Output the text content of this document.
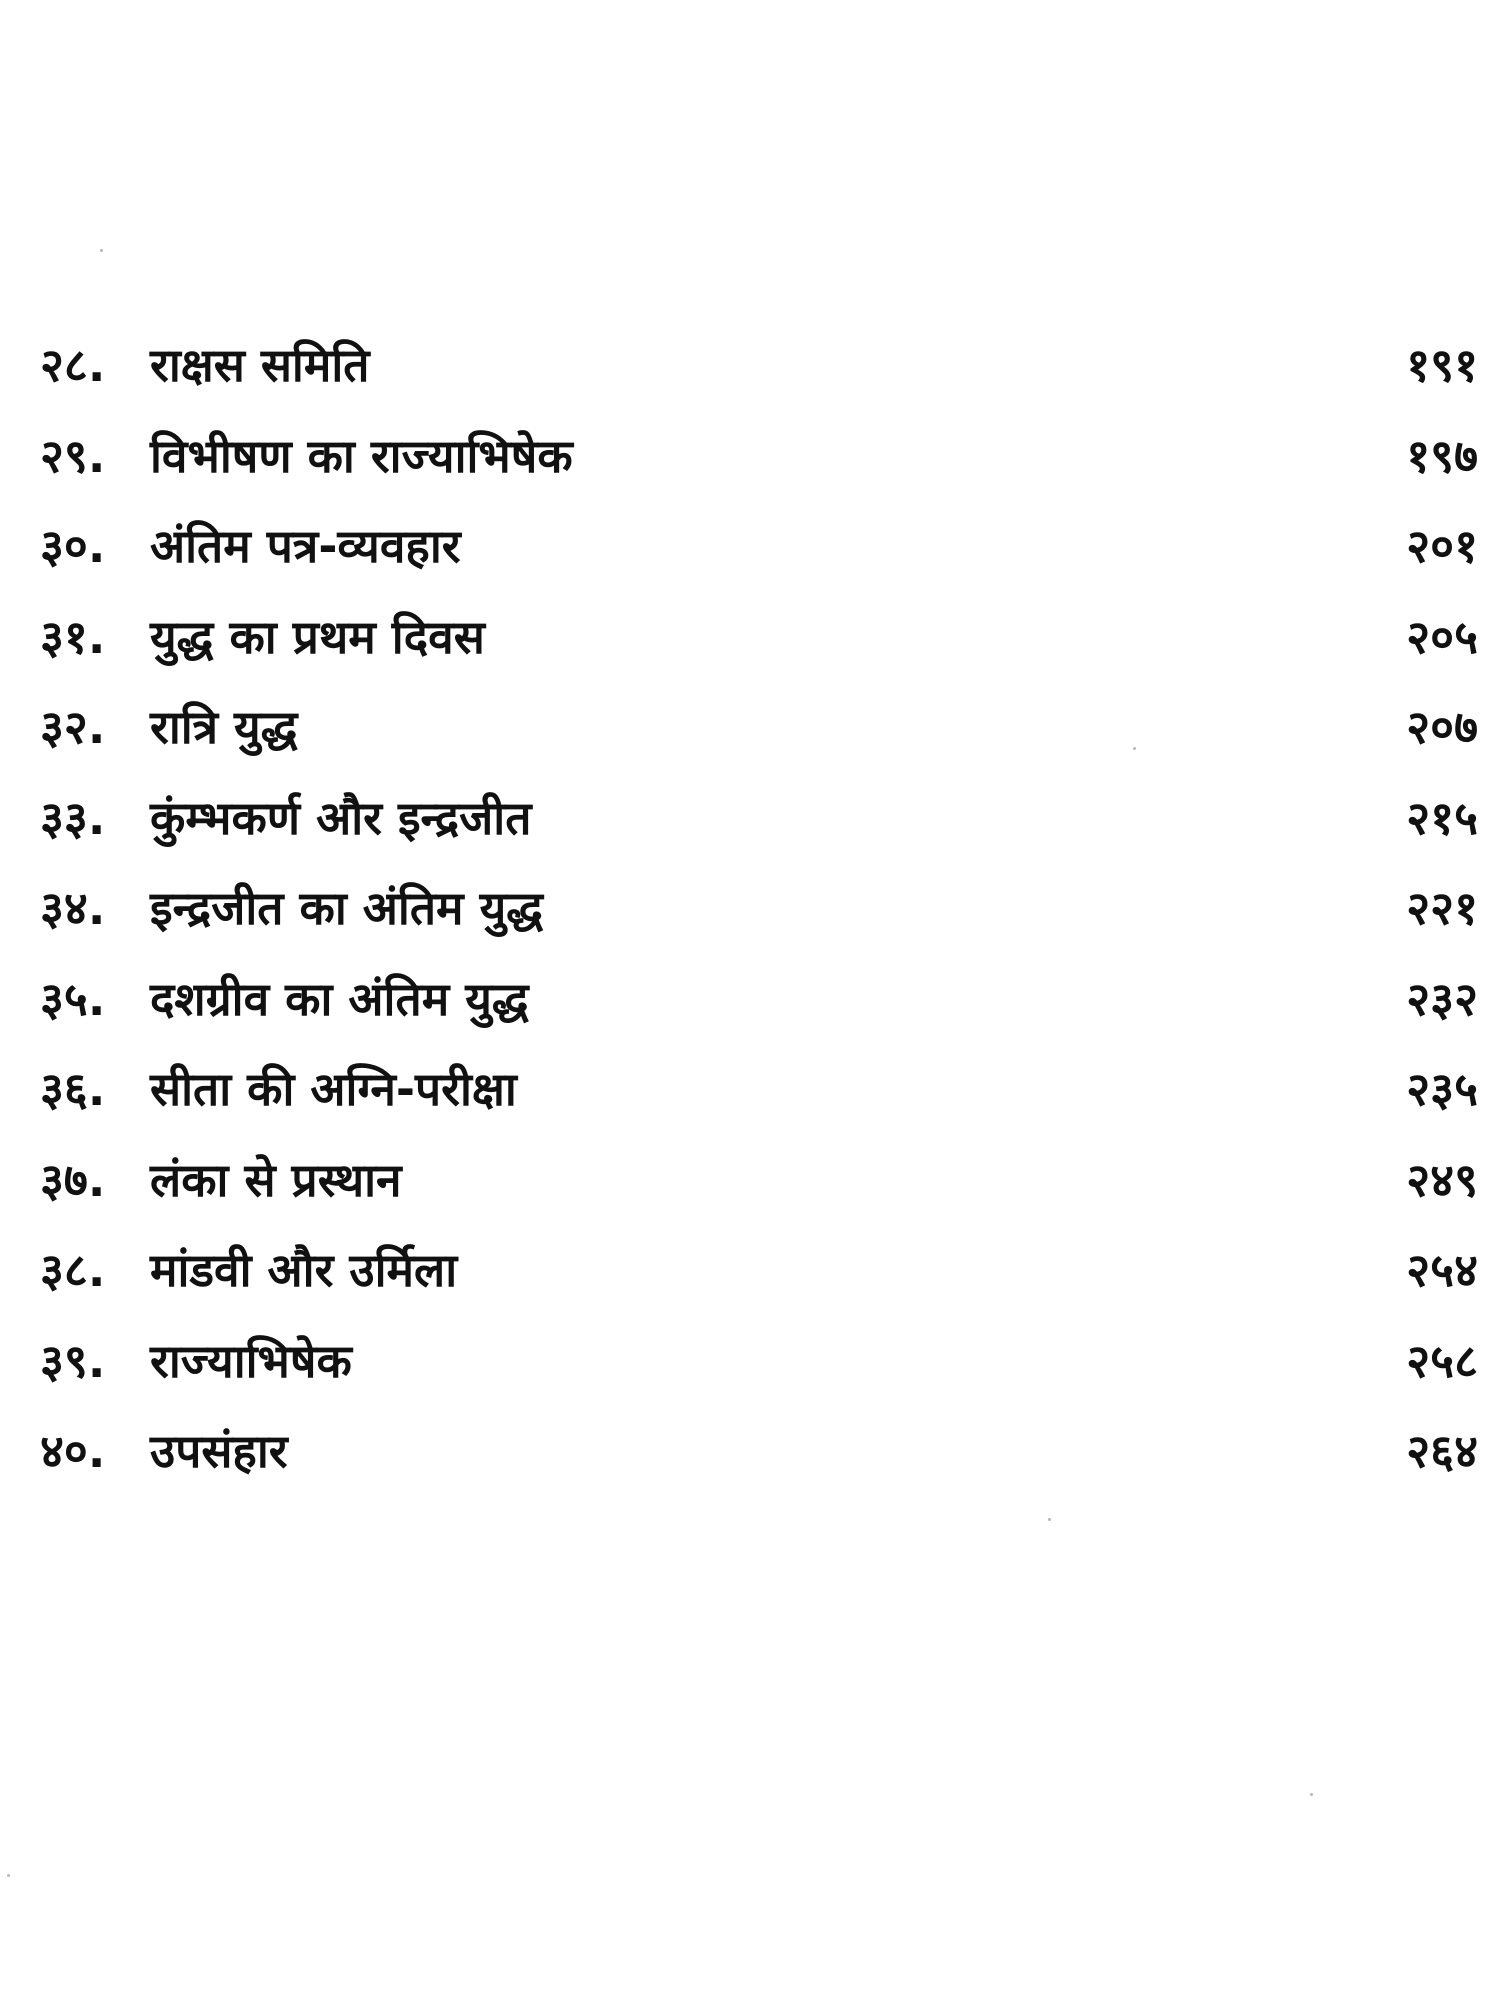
२८. राक्षस समिति	१९१
२९. विभीषण का राज्याभिषेक	१९७
३०. अंतिम पत्र-व्यवहार	२०१
३१. युद्ध का प्रथम दिवस	२०५
३२. रात्रि युद्ध	२०७
३३. कुंम्भकर्ण और इन्द्रजीत	२१५
३४. इन्द्रजीत का अंतिम युद्ध	२२१
३५. दशग्रीव का अंतिम युद्ध	२३२
३६. सीता की अग्नि-परीक्षा	२३५
३७. लंका से प्रस्थान	२४९
३८. मांडवी और उर्मिला	२५४
३९. राज्याभिषेक	२५८
४०. उपसंहार	२६४
